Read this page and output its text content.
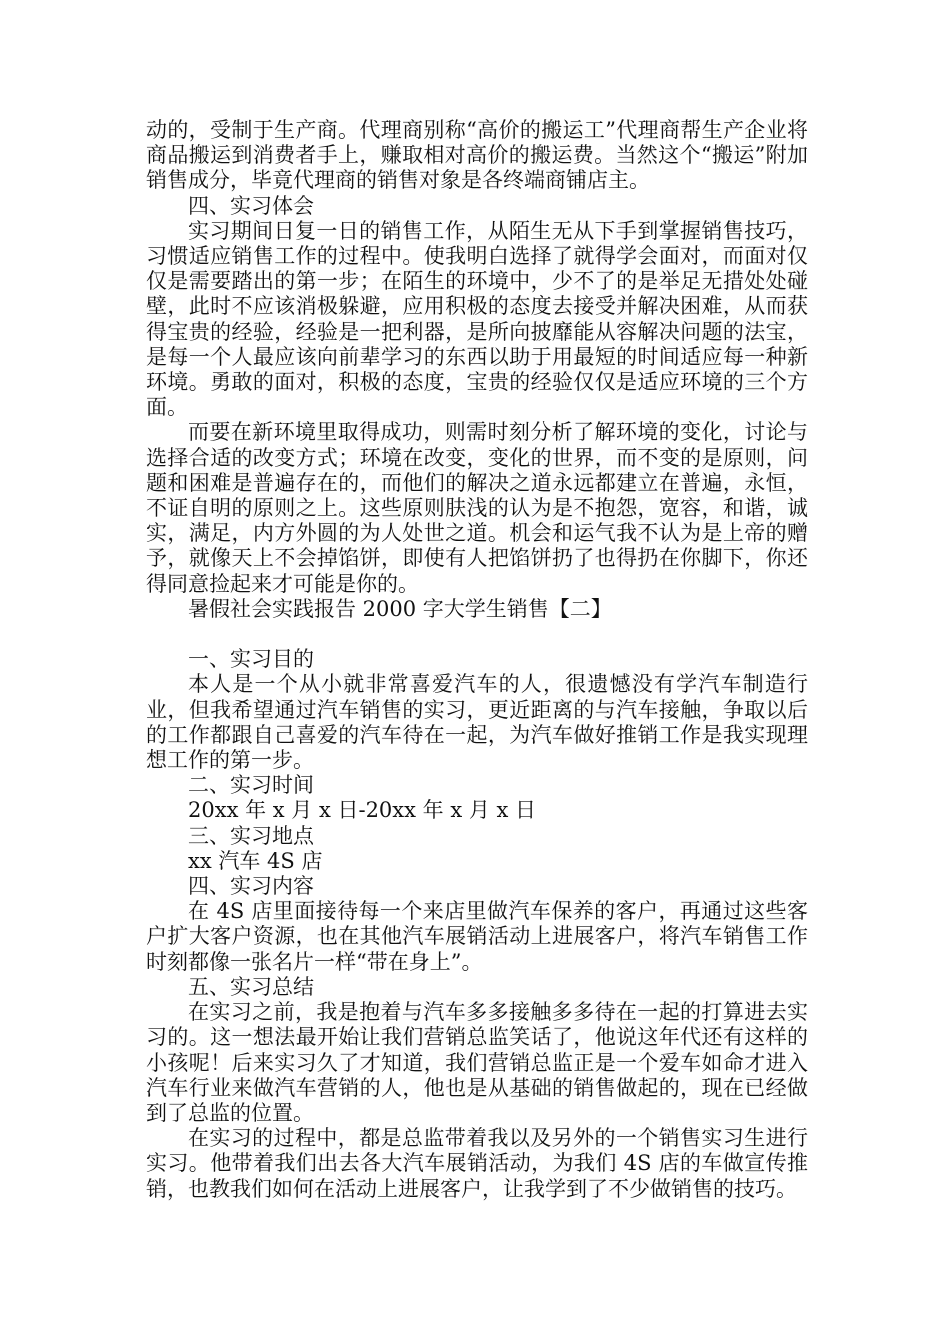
动的，受制于生产商。代理商别称“高价的搬运工”代理商帮生产企业将商品搬运到消费者手上，赚取相对高价的搬运费。当然这个“搬运”附加销售成分，毕竟代理商的销售对象是各终端商铺店主。

四、实习体会

实习期间日复一日的销售工作，从陌生无从下手到掌握销售技巧，习惯适应销售工作的过程中。使我明白选择了就得学会面对，而面对仅仅是需要踏出的第一步；在陌生的环境中，少不了的是举足无措处处碰壁，此时不应该消极躲避，应用积极的态度去接受并解决困难，从而获得宝贵的经验，经验是一把利器，是所向披靡能从容解决问题的法宝，是每一个人最应该向前辈学习的东西以助于用最短的时间适应每一种新环境。勇敢的面对，积极的态度，宝贵的经验仅仅是适应环境的三个方面。

而要在新环境里取得成功，则需时刻分析了解环境的变化，讨论与选择合适的改变方式；环境在改变，变化的世界，而不变的是原则，问题和困难是普遍存在的，而他们的解决之道永远都建立在普遍，永恒，不证自明的原则之上。这些原则肤浅的认为是不抱怨，宽容，和谐，诚实，满足，内方外圆的为人处世之道。机会和运气我不认为是上帝的赠予，就像天上不会掉馅饼，即使有人把馅饼扔了也得扔在你脚下，你还得同意捡起来才可能是你的。

暑假社会实践报告 2000 字大学生销售【二】

一、实习目的

本人是一个从小就非常喜爱汽车的人，很遗憾没有学汽车制造行业，但我希望通过汽车销售的实习，更近距离的与汽车接触，争取以后的工作都跟自己喜爱的汽车待在一起，为汽车做好推销工作是我实现理想工作的第一步。

二、实习时间

20xx 年 x 月 x 日-20xx 年 x 月 x 日

三、实习地点

xx 汽车 4S 店

四、实习内容

在 4S 店里面接待每一个来店里做汽车保养的客户，再通过这些客户扩大客户资源，也在其他汽车展销活动上进展客户，将汽车销售工作时刻都像一张名片一样“带在身上”。

五、实习总结

在实习之前，我是抱着与汽车多多接触多多待在一起的打算进去实习的。这一想法最开始让我们营销总监笑话了，他说这年代还有这样的小孩呢！后来实习久了才知道，我们营销总监正是一个爱车如命才进入汽车行业来做汽车营销的人，他也是从基础的销售做起的，现在已经做到了总监的位置。

在实习的过程中，都是总监带着我以及另外的一个销售实习生进行实习。他带着我们出去各大汽车展销活动，为我们 4S 店的车做宣传推销，也教我们如何在活动上进展客户，让我学到了不少做销售的技巧。
